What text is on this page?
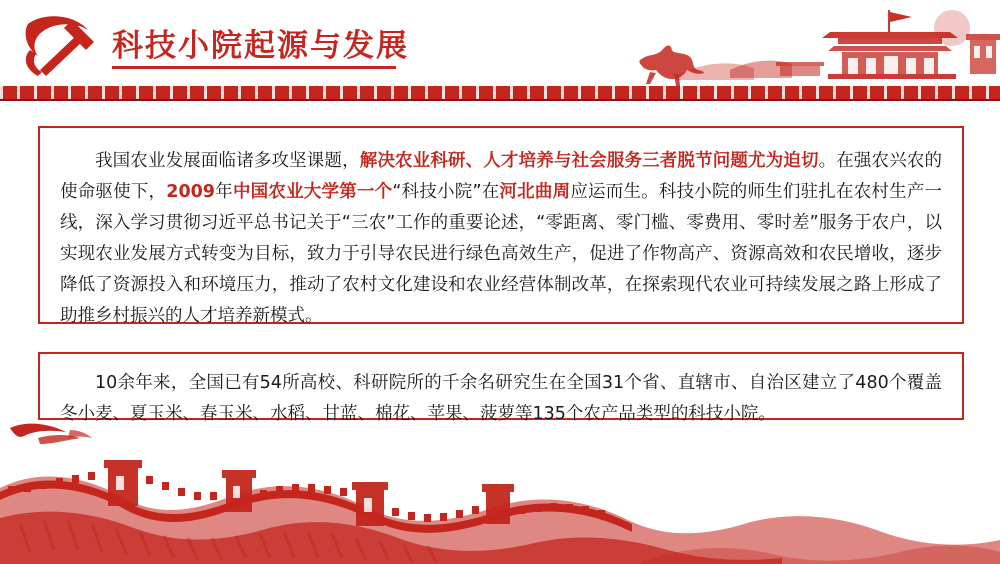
科技小院起源与发展

我国农业发展面临诸多攻坚课题，解决农业科研、人才培养与社会服务三者脱节问题尤为迫切。在强农兴农的使命驱使下，2009年中国农业大学第一个“科技小院”在河北曲周应运而生。科技小院的师生们驻扎在农村生产一线，深入学习贯彻习近平总书记关于“三农”工作的重要论述，“零距离、零门槛、零费用、零时差”服务于农户，以实现农业发展方式转变为目标，致力于引导农民进行绿色高效生产，促进了作物高产、资源高效和农民增收，逐步降低了资源投入和环境压力，推动了农村文化建设和农业经营体制改革，在探索现代农业可持续发展之路上形成了助推乡村振兴的人才培养新模式。

10余年来，全国已有54所高校、科研院所的千余名研究生在全国31个省、直辖市、自治区建立了480个覆盖冬小麦、夏玉米、春玉米、水稻、甘蓝、棉花、苹果、菠萝等135个农产品类型的科技小院。
